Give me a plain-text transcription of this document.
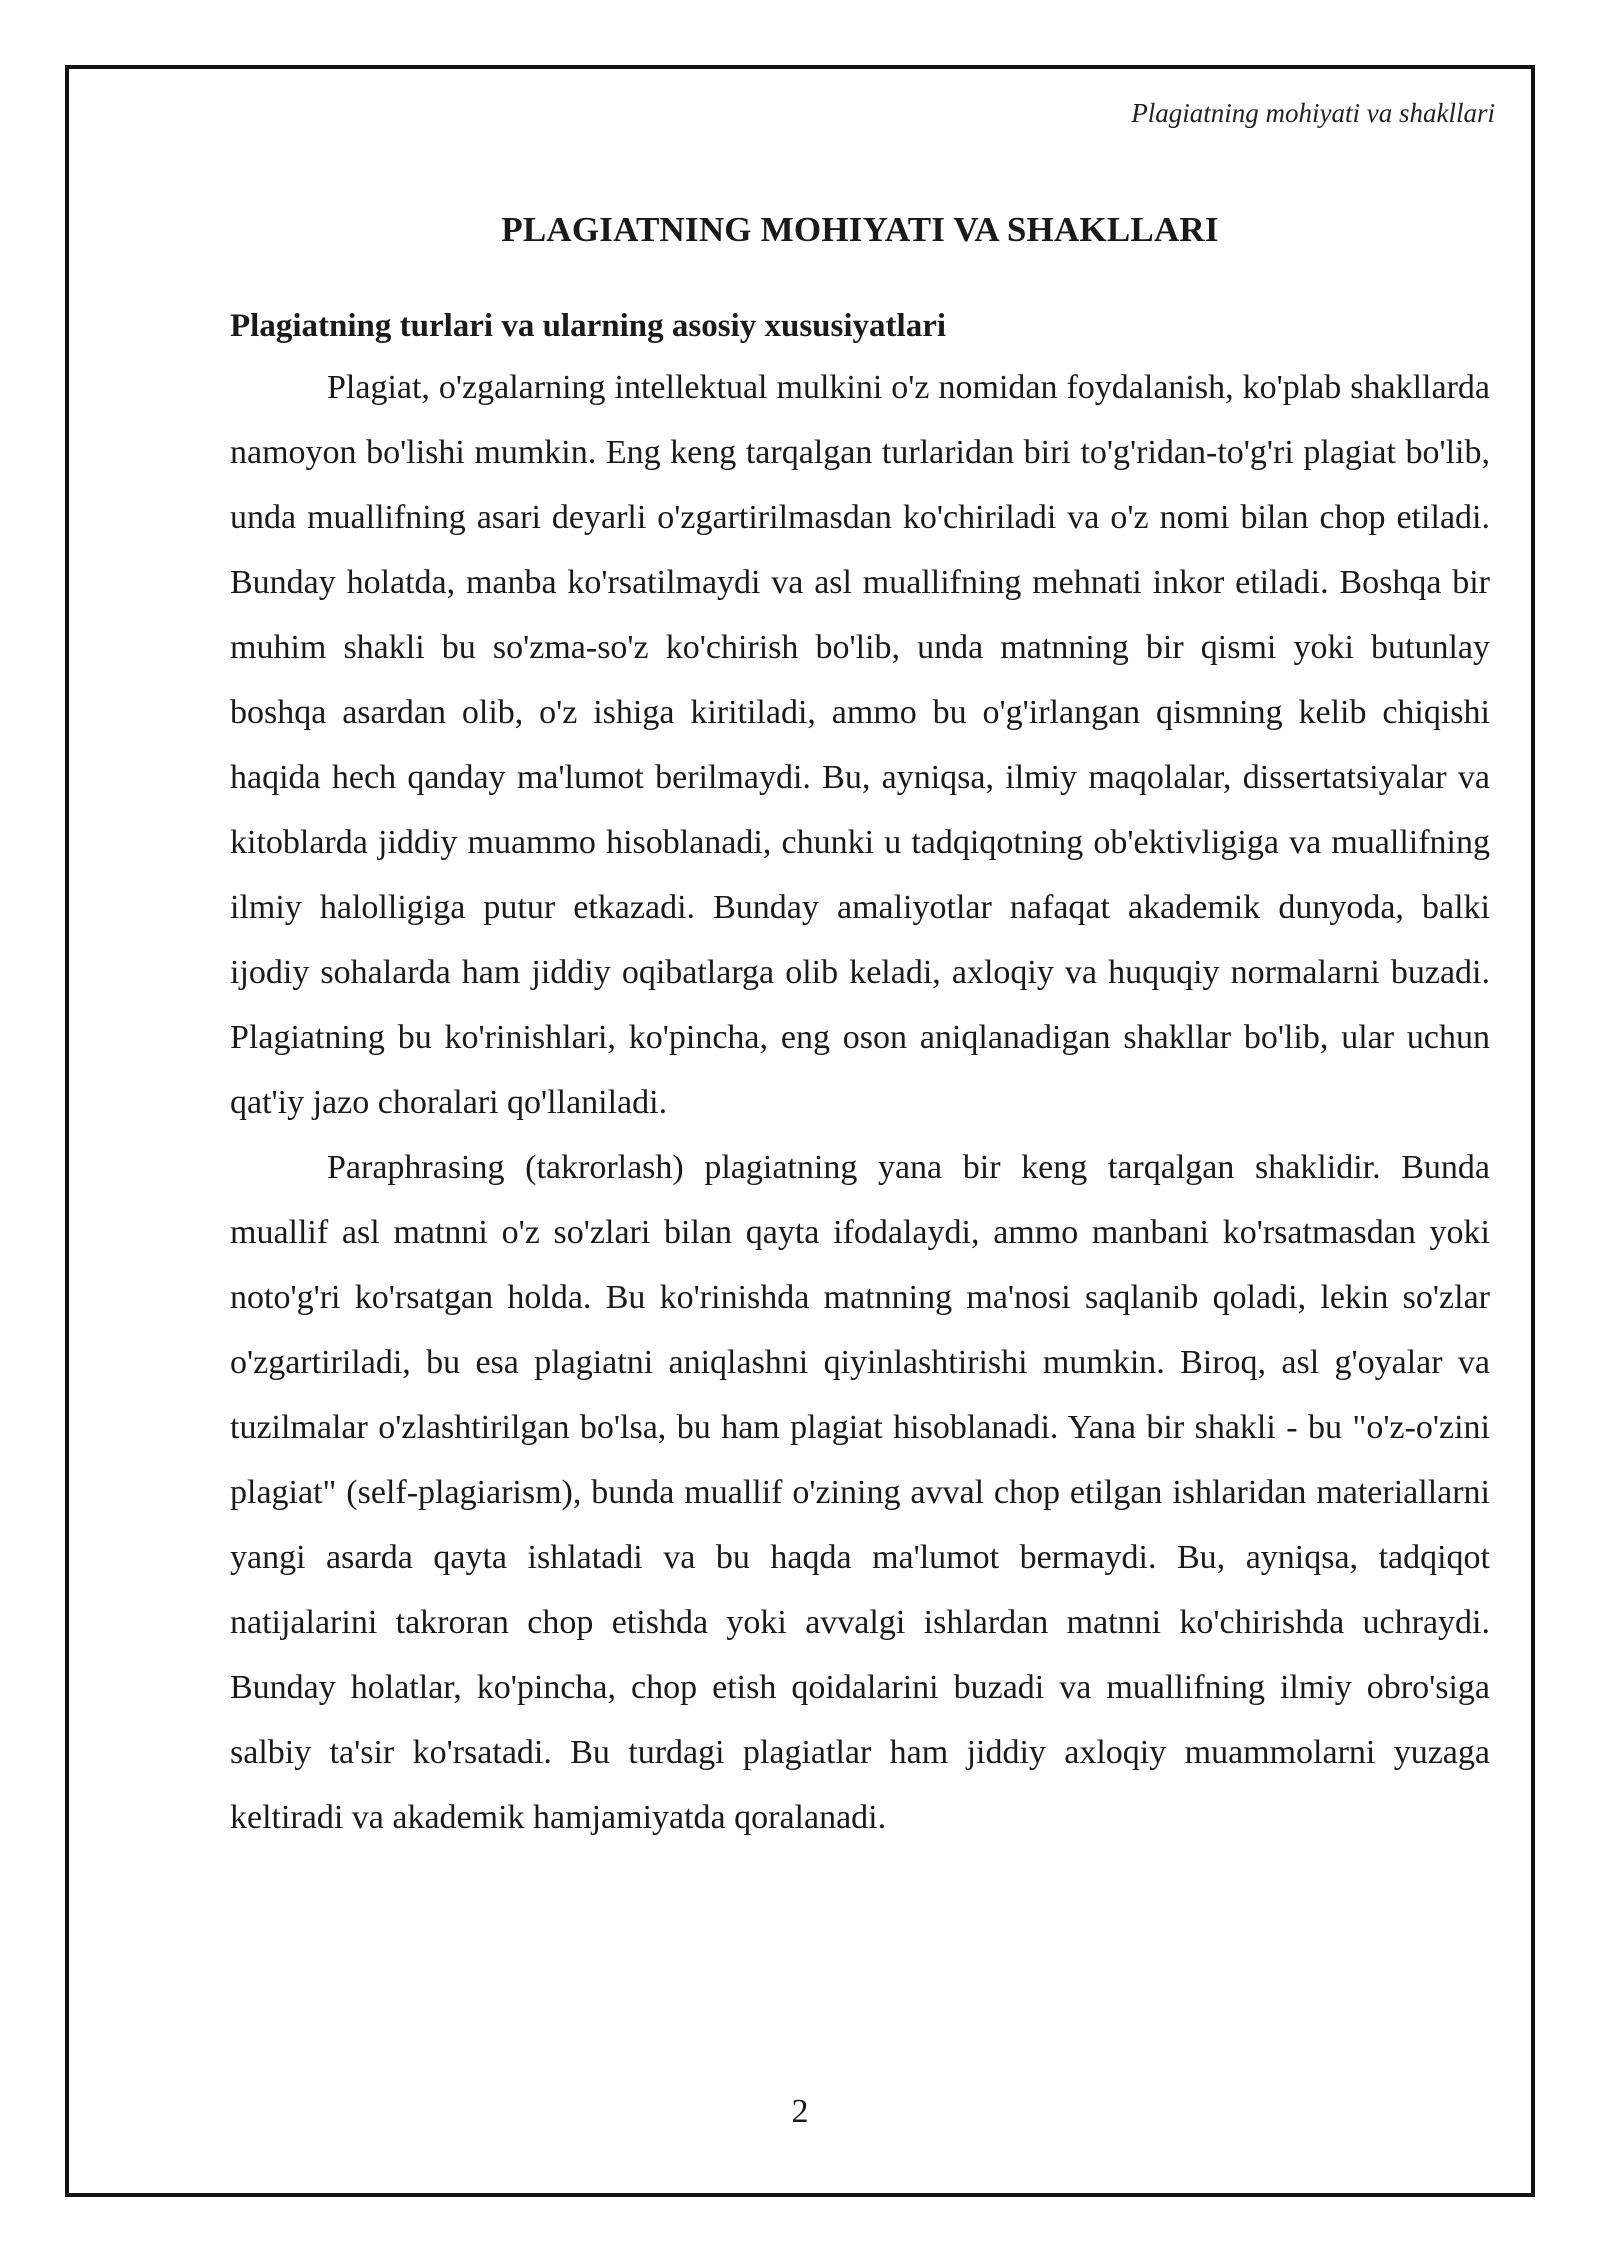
Plagiatning mohiyati va shakllari

PLAGIATNING MOHIYATI VA SHAKLLARI
Plagiatning turlari va ularning asosiy xususiyatlari

Plagiat, o'zgalarning intellektual mulkini o'z nomidan foydalanish, ko'plab shakllarda namoyon bo'lishi mumkin. Eng keng tarqalgan turlaridan biri to'g'ridan-to'g'ri plagiat bo'lib, unda muallifning asari deyarli o'zgartirilmasdan ko'chiriladi va o'z nomi bilan chop etiladi. Bunday holatda, manba ko'rsatilmaydi va asl muallifning mehnati inkor etiladi. Boshqa bir muhim shakli bu so'zma-so'z ko'chirish bo'lib, unda matnning bir qismi yoki butunlay boshqa asardan olib, o'z ishiga kiritiladi, ammo bu o'g'irlangan qismning kelib chiqishi haqida hech qanday ma'lumot berilmaydi. Bu, ayniqsa, ilmiy maqolalar, dissertatsiyalar va kitoblarda jiddiy muammo hisoblanadi, chunki u tadqiqotning ob'ektivligiga va muallifning ilmiy halolligiga putur etkazadi. Bunday amaliyotlar nafaqat akademik dunyoda, balki ijodiy sohalarda ham jiddiy oqibatlarga olib keladi, axloqiy va huquqiy normalarni buzadi. Plagiatning bu ko'rinishlari, ko'pincha, eng oson aniqlanadigan shakllar bo'lib, ular uchun qat'iy jazo choralari qo'llaniladi.

Paraphrasing (takrorlash) plagiatning yana bir keng tarqalgan shaklidir. Bunda muallif asl matnni o'z so'zlari bilan qayta ifodalaydi, ammo manbani ko'rsatmasdan yoki noto'g'ri ko'rsatgan holda. Bu ko'rinishda matnning ma'nosi saqlanib qoladi, lekin so'zlar o'zgartiriladi, bu esa plagiatni aniqlashni qiyinlashtirishi mumkin. Biroq, asl g'oyalar va tuzilmalar o'zlashtirilgan bo'lsa, bu ham plagiat hisoblanadi. Yana bir shakli - bu "o'z-o'zini plagiat" (self-plagiarism), bunda muallif o'zining avval chop etilgan ishlaridan materiallarni yangi asarda qayta ishlatadi va bu haqda ma'lumot bermaydi. Bu, ayniqsa, tadqiqot natijalarini takroran chop etishda yoki avvalgi ishlardan matnni ko'chirishda uchraydi. Bunday holatlar, ko'pincha, chop etish qoidalarini buzadi va muallifning ilmiy obro'siga salbiy ta'sir ko'rsatadi. Bu turdagi plagiatlar ham jiddiy axloqiy muammolarni yuzaga keltiradi va akademik hamjamiyatda qoralanadi.

2
